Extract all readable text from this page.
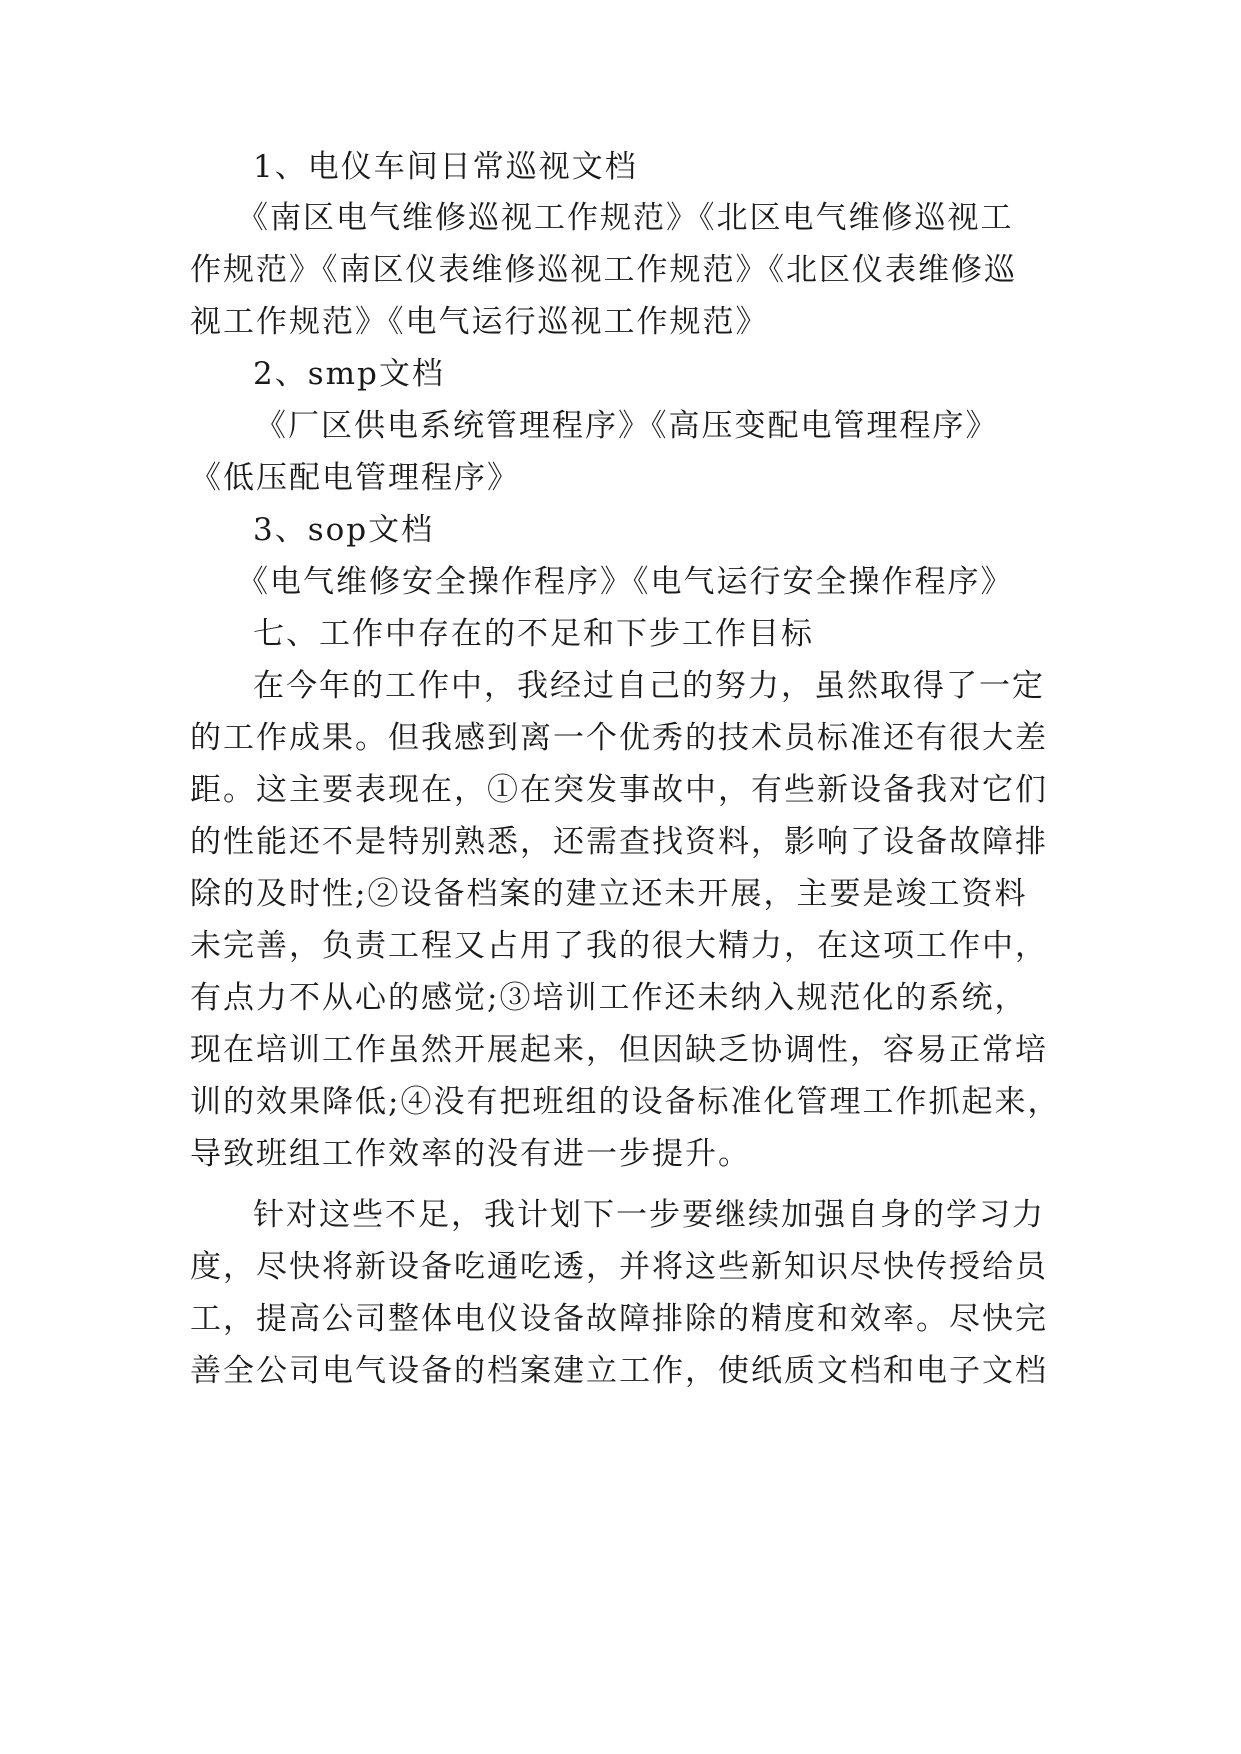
1、电仪车间日常巡视文档
《南区电气维修巡视工作规范》《北区电气维修巡视工
作规范》《南区仪表维修巡视工作规范》《北区仪表维修巡
视工作规范》《电气运行巡视工作规范》
2、smp文档
《厂区供电系统管理程序》《高压变配电管理程序》
《低压配电管理程序》
3、sop文档
《电气维修安全操作程序》《电气运行安全操作程序》
七、工作中存在的不足和下步工作目标
在今年的工作中，我经过自己的努力，虽然取得了一定
的工作成果。但我感到离一个优秀的技术员标准还有很大差
距。这主要表现在，①在突发事故中，有些新设备我对它们
的性能还不是特别熟悉，还需查找资料，影响了设备故障排
除的及时性;②设备档案的建立还未开展，主要是竣工资料
未完善，负责工程又占用了我的很大精力，在这项工作中，
有点力不从心的感觉;③培训工作还未纳入规范化的系统，
现在培训工作虽然开展起来，但因缺乏协调性，容易正常培
训的效果降低;④没有把班组的设备标准化管理工作抓起来，
导致班组工作效率的没有进一步提升。
针对这些不足，我计划下一步要继续加强自身的学习力
度，尽快将新设备吃通吃透，并将这些新知识尽快传授给员
工，提高公司整体电仪设备故障排除的精度和效率。尽快完
善全公司电气设备的档案建立工作，使纸质文档和电子文档
